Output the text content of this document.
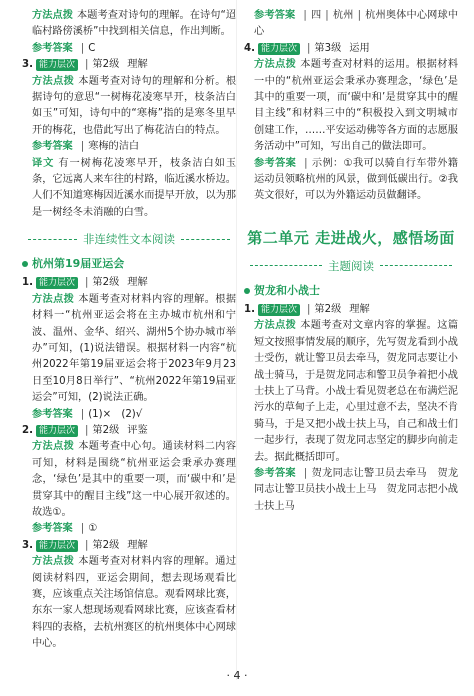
方法点拨 本题考查对诗句的理解。在诗句“迢临村路傍溪桥”中找到相关信息，作出判断。

参考答案 | C

3. 能力层次 | 第2级 理解

方法点拨 本题考查对诗句的理解和分析。根据诗句的意思“一树梅花凌寒早开，枝条洁白如玉”可知，诗句中的“寒梅”指的是寒冬里早开的梅花，也借此写出了梅花洁白的特点。

参考答案 | 寒梅的洁白

译文 有一树梅花凌寒早开，枝条洁白如玉条，它远离人来车往的村路，临近溪水桥边。人们不知道寒梅因近溪水而提早开放，以为那是一树经冬未消融的白雪。

非连续性文本阅读
杭州第19届亚运会

1. 能力层次 | 第2级 理解

方法点拨 本题考查对材料内容的理解。根据材料一“杭州亚运会将在主办城市杭州和宁波、温州、金华、绍兴、湖州5个协办城市举办”可知，(1)说法错误。根据材料一内容“杭州2022年第19届亚运会将于2023年9月23日至10月8日举行”、“杭州2022年第19届亚运会”可知，(2)说法正确。

参考答案 | (1)×　(2)√

2. 能力层次 | 第2级 评鉴

方法点拨 本题考查中心句。通读材料二内容可知，材料是围绕“杭州亚运会秉承办赛理念，‘绿色’是其中的重要一项，而‘碳中和’是贯穿其中的醒目主线”这一中心展开叙述的。故选①。

参考答案 | ①

3. 能力层次 | 第2级 理解

方法点拨 本题考查对材料内容的理解。通过阅读材料四，亚运会期间，想去现场观看比赛，应该重点关注场馆信息。观看网球比赛，东东一家人想现场观看网球比赛，应该查看材料四的表格，去杭州赛区的杭州奥体中心网球中心。

参考答案 | 四 | 杭州 | 杭州奥体中心网球中心

4. 能力层次 | 第3级 运用

方法点拨 本题考查对材料的运用。根据材料一中的“杭州亚运会秉承办赛理念，‘绿色’是其中的重要一项，而‘碳中和’是贯穿其中的醒目主线”和材料三中的“积极投入到文明城市创建工作，……平安运动佛等各方面的志愿服务活动中”可知，写出自己的做法即可。

参考答案 | 示例：①我可以骑自行车带外籍运动员领略杭州的风景，做到低碳出行。②我英文很好，可以为外籍运动员做翻译。

第二单元 走进战火，感悟场面
主题阅读
贺龙和小战士

1. 能力层次 | 第2级 理解

方法点拨 本题考查对文章内容的掌握。这篇短文按照事情发展的顺序，先写贺龙看到小战士受伤，就让警卫员去牵马，贺龙同志要让小战士骑马，于是贺龙同志和警卫员争着把小战士扶上了马背。小战士看见贺老总在布满烂泥污水的草甸子上走，心里过意不去，坚决不肯骑马，于是又把小战士扶上马，自己和战士们一起步行，表现了贺龙同志坚定的脚步向前走去。据此概括即可。

参考答案 | 贺龙同志让警卫员去牵马　贺龙同志让警卫员扶小战士上马　贺龙同志把小战士扶上马

· 4 ·
